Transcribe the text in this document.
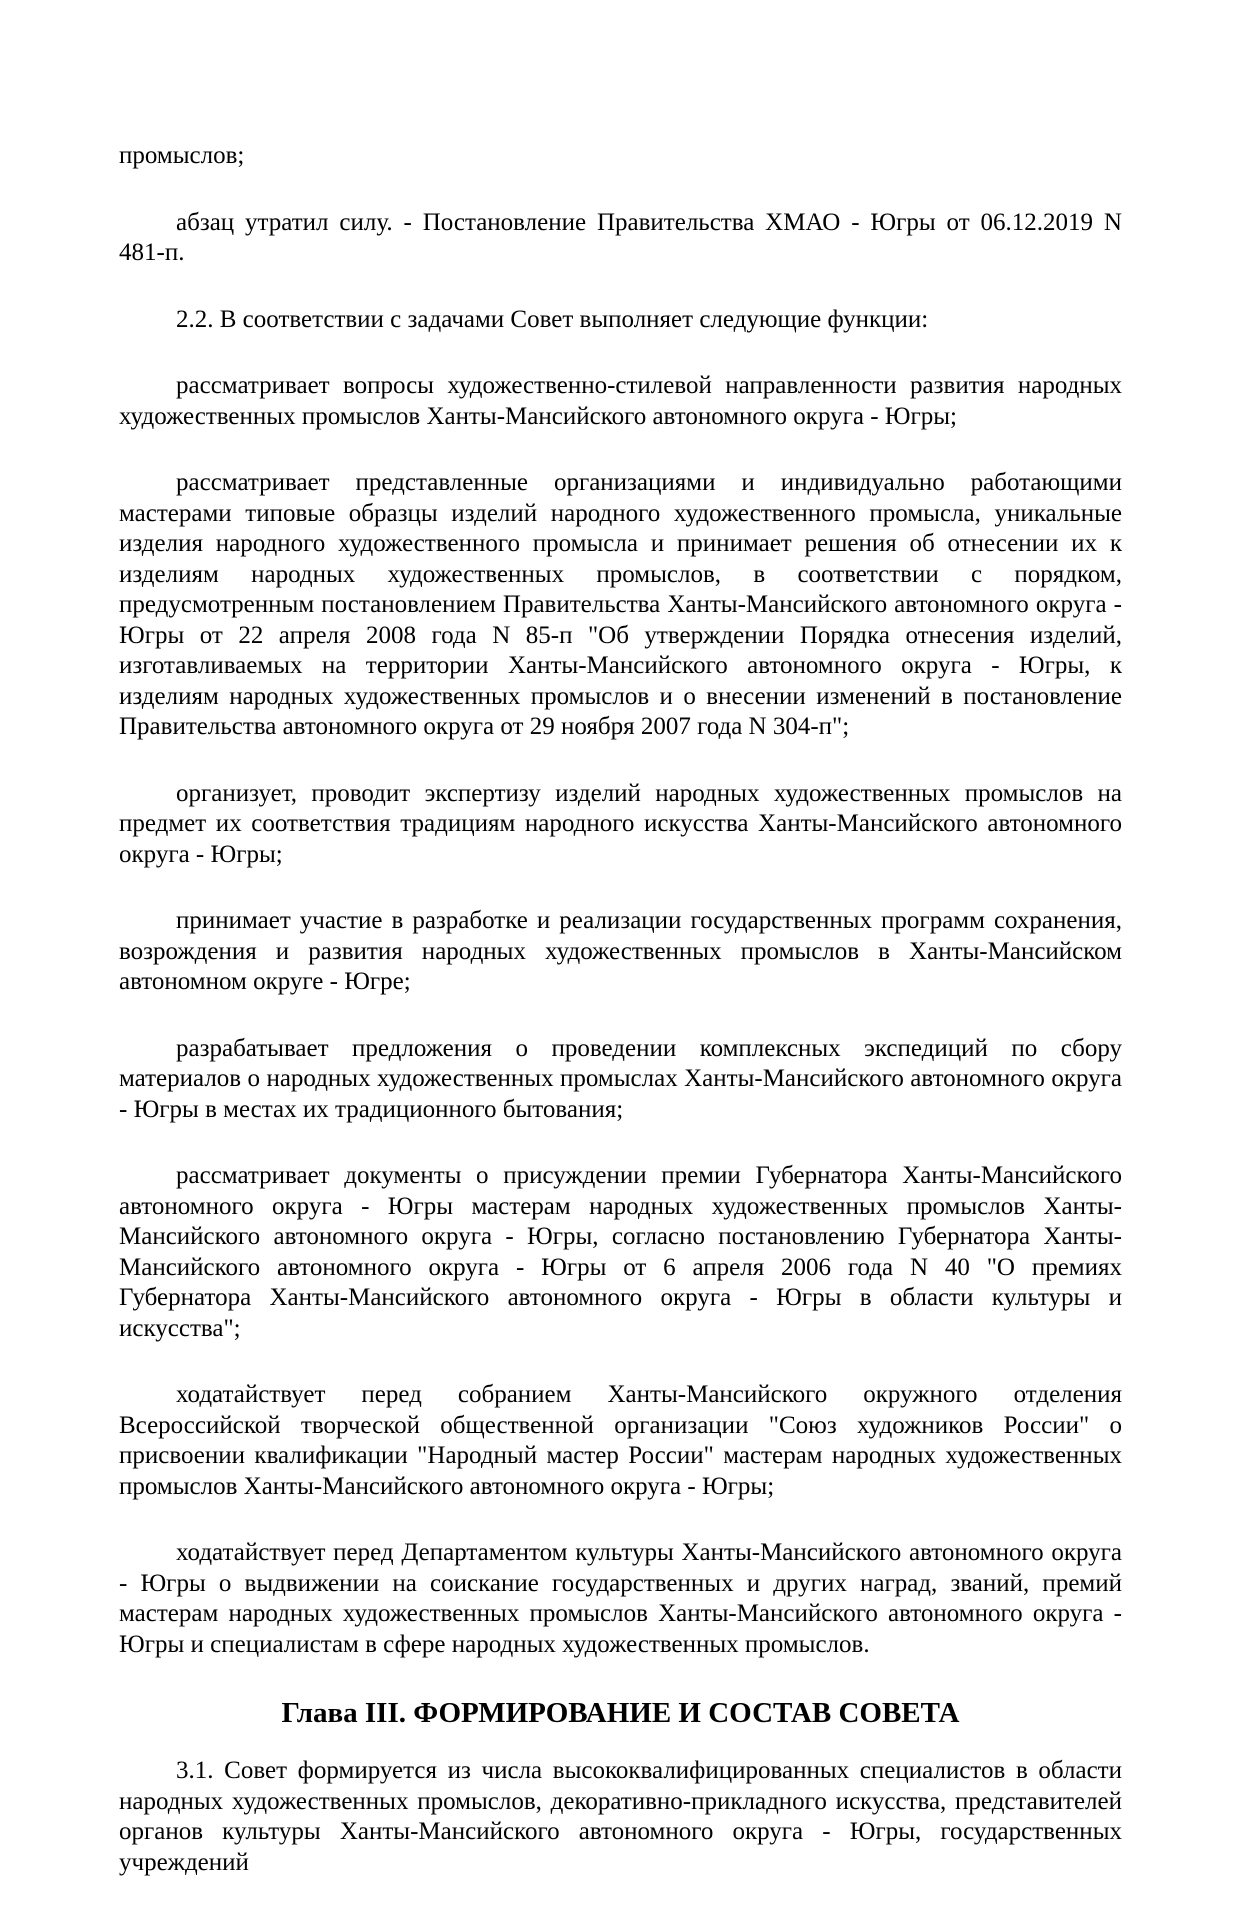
промыслов;

абзац утратил силу. - Постановление Правительства ХМАО - Югры от 06.12.2019 N 481-п.

2.2. В соответствии с задачами Совет выполняет следующие функции:

рассматривает вопросы художественно-стилевой направленности развития народных художественных промыслов Ханты-Мансийского автономного округа - Югры;

рассматривает представленные организациями и индивидуально работающими мастерами типовые образцы изделий народного художественного промысла, уникальные изделия народного художественного промысла и принимает решения об отнесении их к изделиям народных художественных промыслов, в соответствии с порядком, предусмотренным постановлением Правительства Ханты-Мансийского автономного округа - Югры от 22 апреля 2008 года N 85-п "Об утверждении Порядка отнесения изделий, изготавливаемых на территории Ханты-Мансийского автономного округа - Югры, к изделиям народных художественных промыслов и о внесении изменений в постановление Правительства автономного округа от 29 ноября 2007 года N 304-п";

организует, проводит экспертизу изделий народных художественных промыслов на предмет их соответствия традициям народного искусства Ханты-Мансийского автономного округа - Югры;

принимает участие в разработке и реализации государственных программ сохранения, возрождения и развития народных художественных промыслов в Ханты-Мансийском автономном округе - Югре;

разрабатывает предложения о проведении комплексных экспедиций по сбору материалов о народных художественных промыслах Ханты-Мансийского автономного округа - Югры в местах их традиционного бытования;

рассматривает документы о присуждении премии Губернатора Ханты-Мансийского автономного округа - Югры мастерам народных художественных промыслов Ханты-Мансийского автономного округа - Югры, согласно постановлению Губернатора Ханты-Мансийского автономного округа - Югры от 6 апреля 2006 года N 40 "О премиях Губернатора Ханты-Мансийского автономного округа - Югры в области культуры и искусства";

ходатайствует перед собранием Ханты-Мансийского окружного отделения Всероссийской творческой общественной организации "Союз художников России" о присвоении квалификации "Народный мастер России" мастерам народных художественных промыслов Ханты-Мансийского автономного округа - Югры;

ходатайствует перед Департаментом культуры Ханты-Мансийского автономного округа - Югры о выдвижении на соискание государственных и других наград, званий, премий мастерам народных художественных промыслов Ханты-Мансийского автономного округа - Югры и специалистам в сфере народных художественных промыслов.

Глава III. ФОРМИРОВАНИЕ И СОСТАВ СОВЕТА

3.1. Совет формируется из числа высококвалифицированных специалистов в области народных художественных промыслов, декоративно-прикладного искусства, представителей органов культуры Ханты-Мансийского автономного округа - Югры, государственных учреждений
